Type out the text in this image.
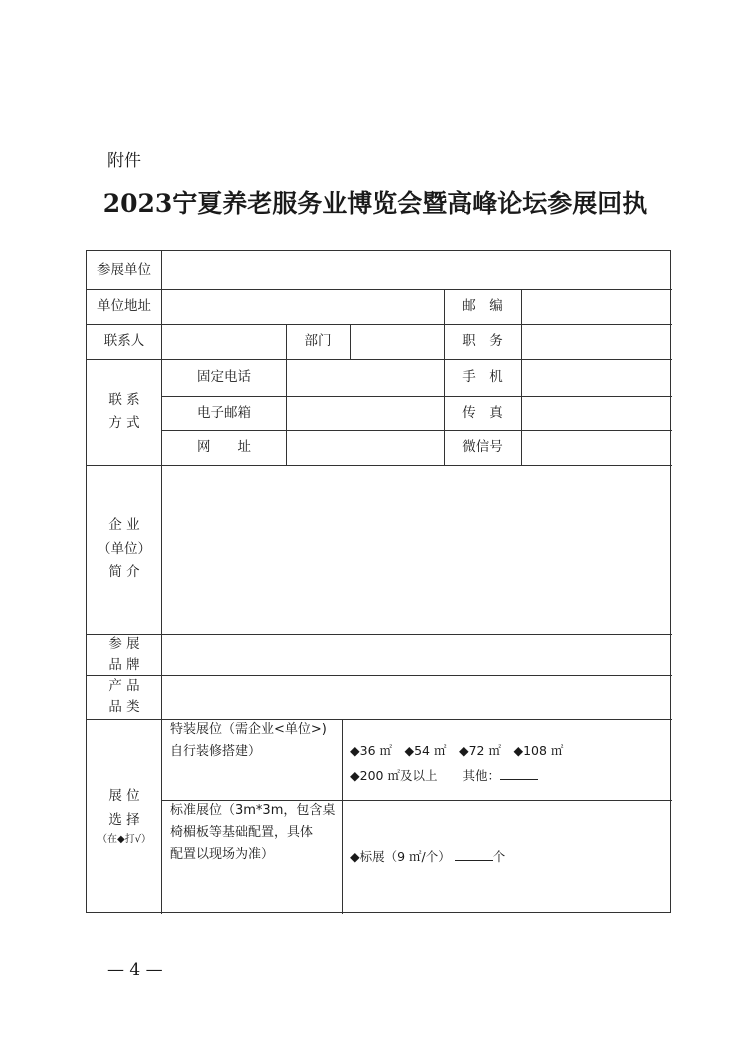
附件
2023宁夏养老服务业博览会暨高峰论坛参展回执
参展单位
单位地址	邮　编
联系人	部门	职　务
联 系
方 式
固定电话	手　机
电子邮箱	传　真
网　　址	微信号
企 业
（单位）
简 介
参 展
品 牌
产 品
品 类
展 位
选 择
（在◆打√）
特装展位（需企业<单位>)
自行装修搭建）	◆36 ㎡　◆54 ㎡　◆72 ㎡　◆108 ㎡
◆200 ㎡及以上　　其他：
标准展位（3m*3m，包含桌
椅楣板等基础配置，具体
配置以现场为准）	◆标展（9 ㎡/个）	个
— 4 —
